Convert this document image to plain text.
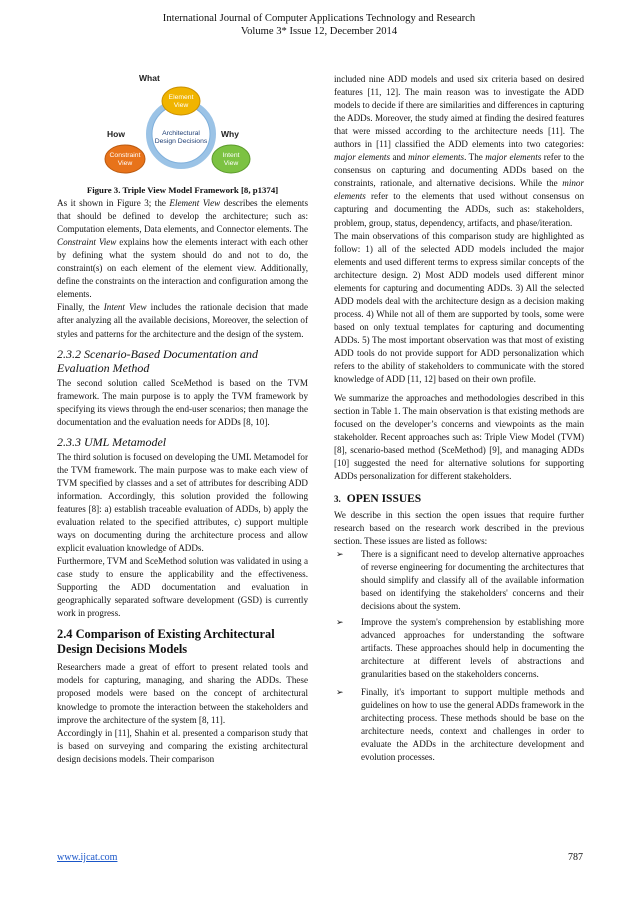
International Journal of Computer Applications Technology and Research
Volume 3* Issue 12, December 2014
What
How	Why
Element
View
Constraint
View
Intent
View
Architectural
Design Decisions

Figure 3. Triple View Model Framework [8, p1374]

As it shown in Figure 3; the Element View describes the elements that should be defined to develop the architecture; such as: Computation elements, Data elements, and Connector elements. The Constraint View explains how the elements interact with each other by defining what the system should do and not to do, the constraint(s) on each element of the element view. Additionally, define the constraints on the interaction and configuration among the elements.

Finally, the Intent View includes the rationale decision that made after analyzing all the available decisions, Moreover, the selection of styles and patterns for the architecture and the design of the system.

2.3.2 Scenario-Based Documentation and Evaluation Method

The second solution called SceMethod is based on the TVM framework. The main purpose is to apply the TVM framework by specifying its views through the end-user scenarios; then manage the documentation and the evaluation needs for ADDs [8, 10].

2.3.3 UML Metamodel

The third solution is focused on developing the UML Metamodel for the TVM framework. The main purpose was to make each view of TVM specified by classes and a set of attributes for describing ADD information. Accordingly, this solution provided the following features [8]: a) establish traceable evaluation of ADDs, b) apply the evaluation related to the specified attributes, c) support multiple ways on documenting during the architecture process and allow explicit evaluation knowledge of ADDs.

Furthermore, TVM and SceMethod solution was validated in using a case study to ensure the applicability and the effectiveness. Supporting the ADD documentation and evaluation in geographically separated software development (GSD) is currently work in progress.

2.4 Comparison of Existing Architectural Design Decisions Models

Researchers made a great of effort to present related tools and models for capturing, managing, and sharing the ADDs. These proposed models were based on the concept of architectural knowledge to promote the interaction between the stakeholders and improve the architecture of the system [8, 11].

Accordingly in [11], Shahin et al. presented a comparison study that is based on surveying and comparing the existing architectural design decisions models. Their comparison

included nine ADD models and used six criteria based on desired features [11, 12]. The main reason was to investigate the ADD models to decide if there are similarities and differences in capturing the ADDs. Moreover, the study aimed at finding the desired features that were missed according to the architecture needs [11]. The authors in [11] classified the ADD elements into two categories: major elements and minor elements. The major elements refer to the consensus on capturing and documenting ADDs based on the constraints, rationale, and alternative decisions. While the minor elements refer to the elements that used without consensus on capturing and documenting the ADDs, such as: stakeholders, problem, group, status, dependency, artifacts, and phase/iteration.

The main observations of this comparison study are highlighted as follow: 1) all of the selected ADD models included the major elements and used different terms to express similar concepts of the architecture design. 2) Most ADD models used different minor elements for capturing and documenting ADDs. 3) All the selected ADD models deal with the architecture design as a decision making process. 4) While not all of them are supported by tools, some were based on only textual templates for capturing and documenting ADDs. 5) The most important observation was that most of existing ADD tools do not provide support for ADD personalization which refers to the ability of stakeholders to communicate with the stored knowledge of ADD [11, 12] based on their own profile.

We summarize the approaches and methodologies described in this section in Table 1. The main observation is that existing methods are focused on the developer’s concerns and viewpoints as the main stakeholder. Recent approaches such as: Triple View Model (TVM) [8], scenario-based method (SceMethod) [9], and managing ADDs [10] suggested the need for alternative solutions for supporting ADDs personalization for different stakeholders.

3. OPEN ISSUES

We describe in this section the open issues that require further research based on the research work described in the previous section. These issues are listed as follows:

➢ There is a significant need to develop alternative approaches of reverse engineering for documenting the architectures that should simplify and classify all of the available information based on identifying the stakeholders' concerns and their decisions about the system.
➢ Improve the system's comprehension by establishing more advanced approaches for understanding the software artifacts. These approaches should help in documenting the architecture at different levels of abstractions and granularities based on the stakeholders concerns.
➢ Finally, it's important to support multiple methods and guidelines on how to use the general ADDs framework in the architecting process. These methods should be base on the architecture needs, context and challenges in order to evaluate the ADDs in the architecture development and evolution processes.
www.ijcat.com	787
